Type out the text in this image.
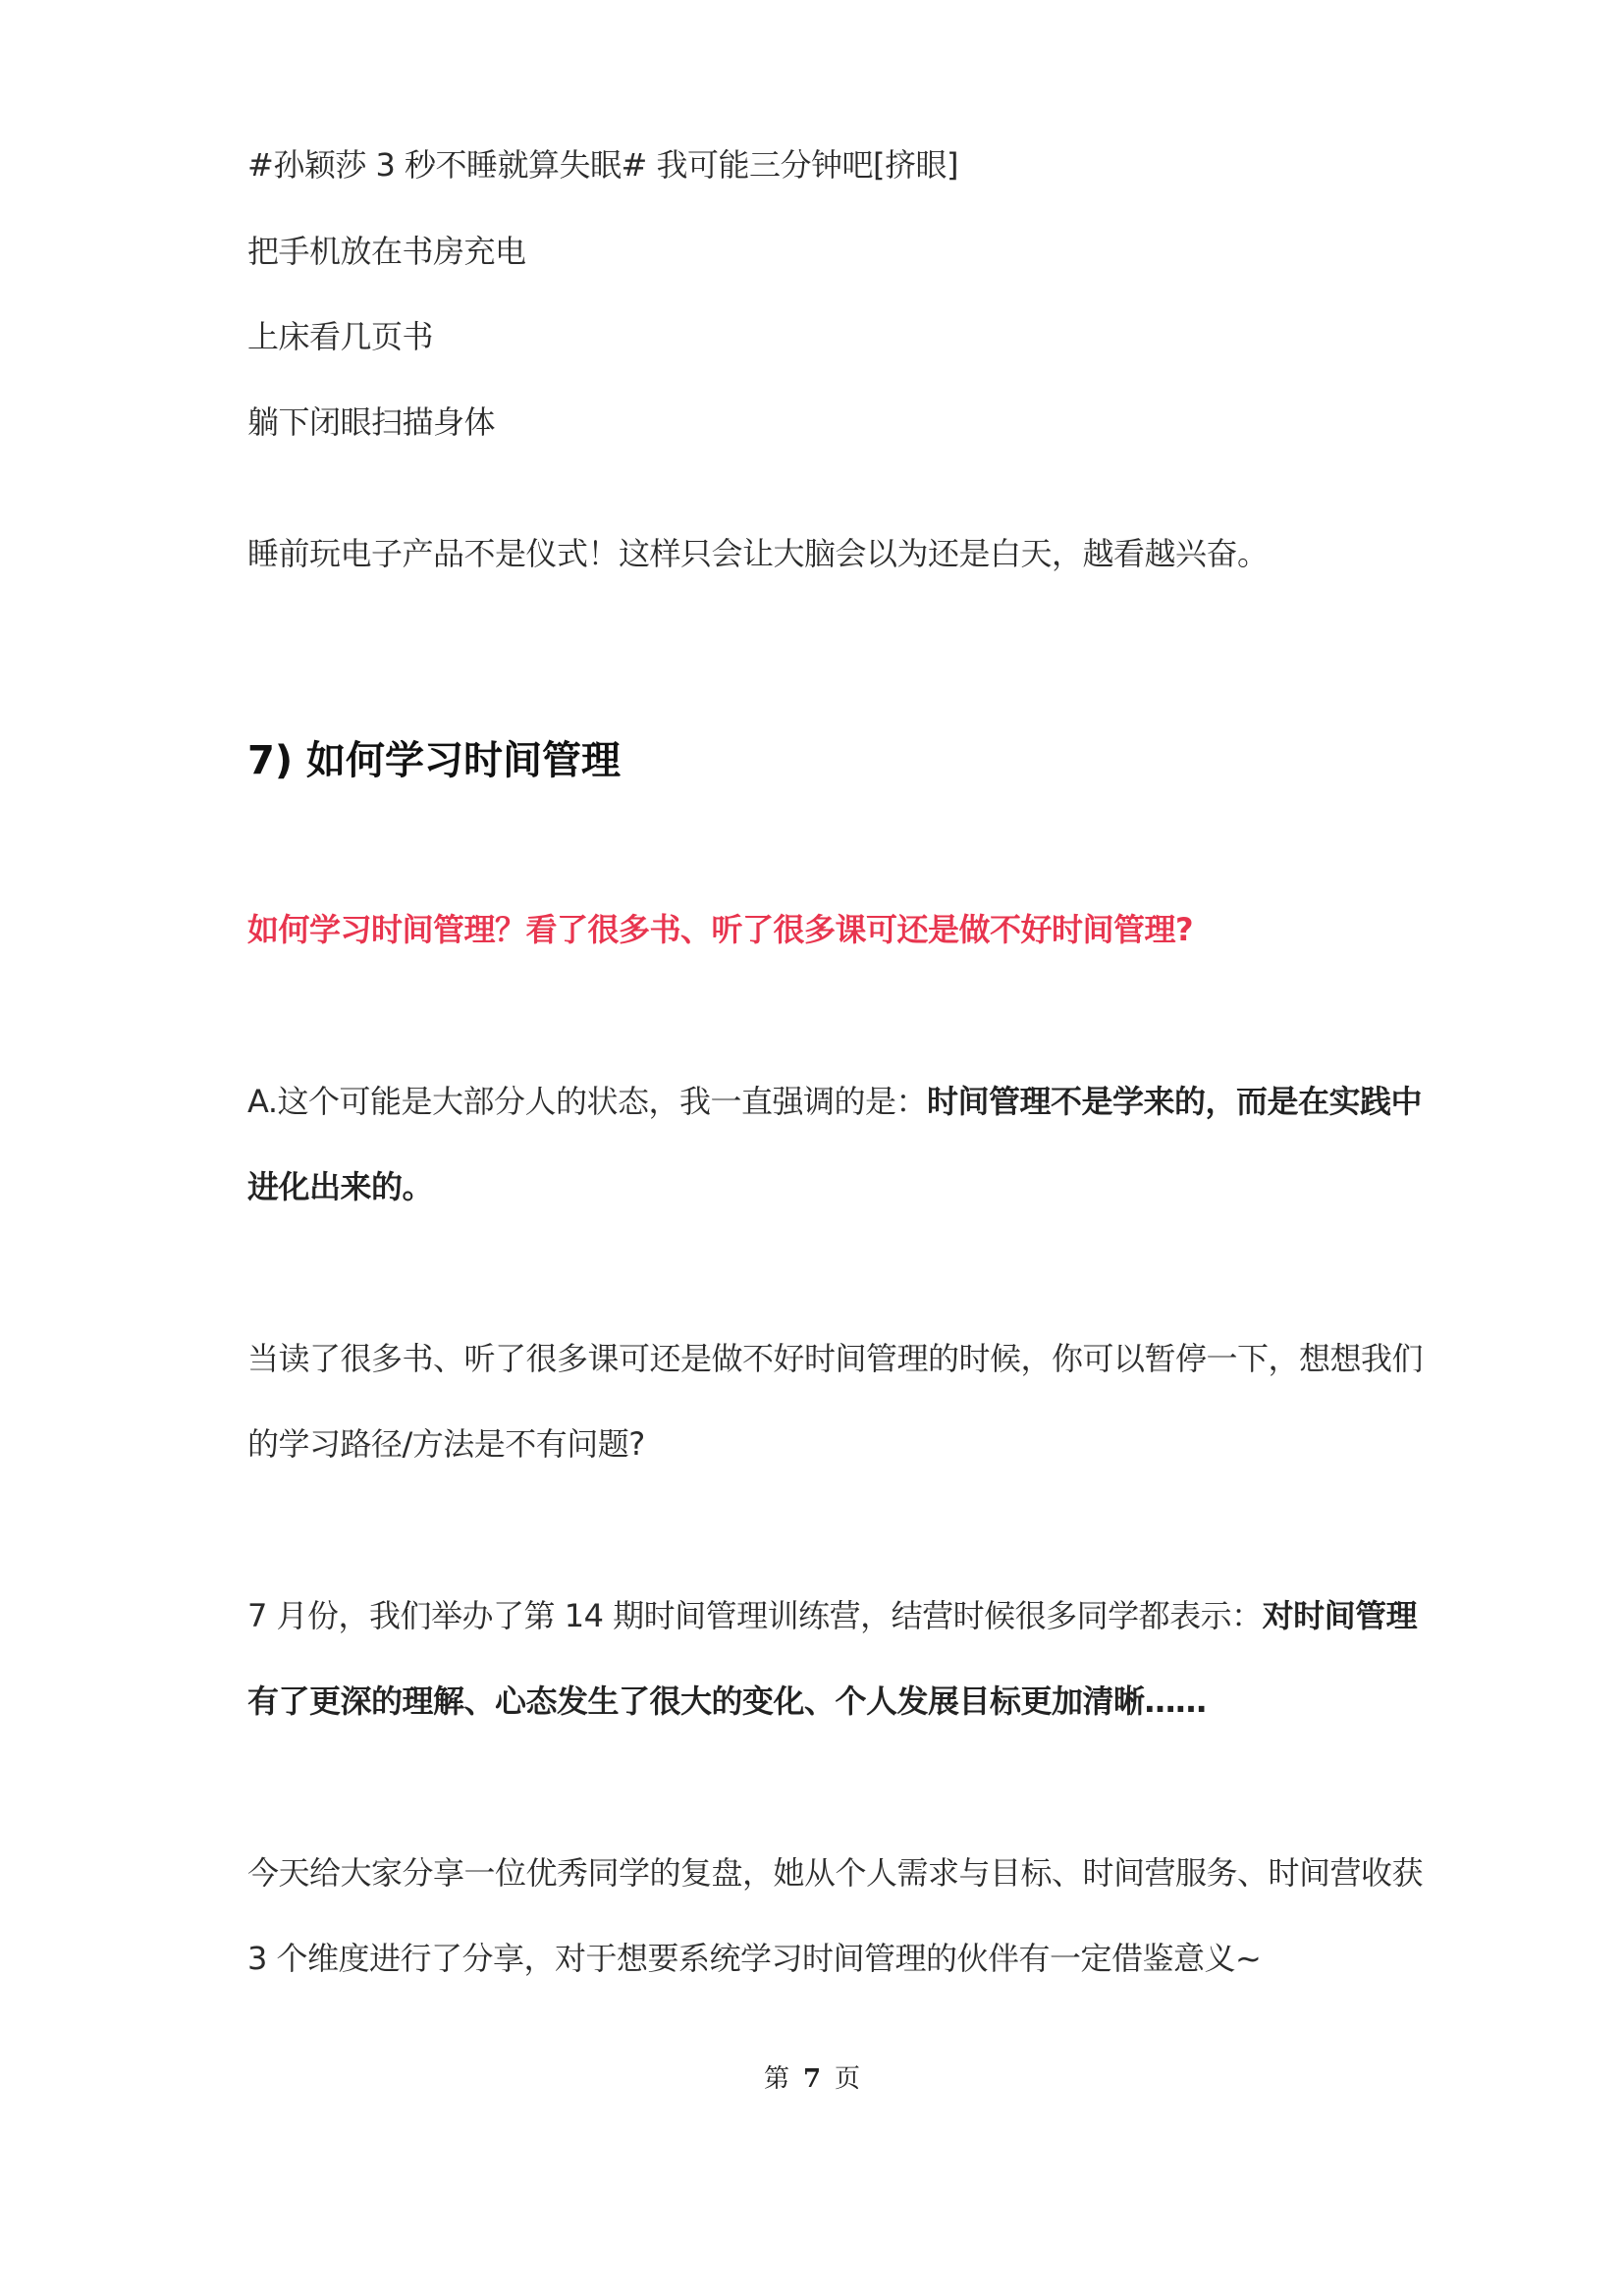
#孙颖莎 3 秒不睡就算失眠# 我可能三分钟吧[挤眼]

把手机放在书房充电

上床看几页书

躺下闭眼扫描身体

睡前玩电子产品不是仪式！这样只会让大脑会以为还是白天，越看越兴奋。

7) 如何学习时间管理

如何学习时间管理？看了很多书、听了很多课可还是做不好时间管理?

A.这个可能是大部分人的状态，我一直强调的是：时间管理不是学来的，而是在实践中

进化出来的。

当读了很多书、听了很多课可还是做不好时间管理的时候，你可以暂停一下，想想我们

的学习路径/方法是不有问题?

7 月份，我们举办了第 14 期时间管理训练营，结营时候很多同学都表示：对时间管理

有了更深的理解、心态发生了很大的变化、个人发展目标更加清晰……

今天给大家分享一位优秀同学的复盘，她从个人需求与目标、时间营服务、时间营收获

3 个维度进行了分享，对于想要系统学习时间管理的伙伴有一定借鉴意义~

第 7 页
